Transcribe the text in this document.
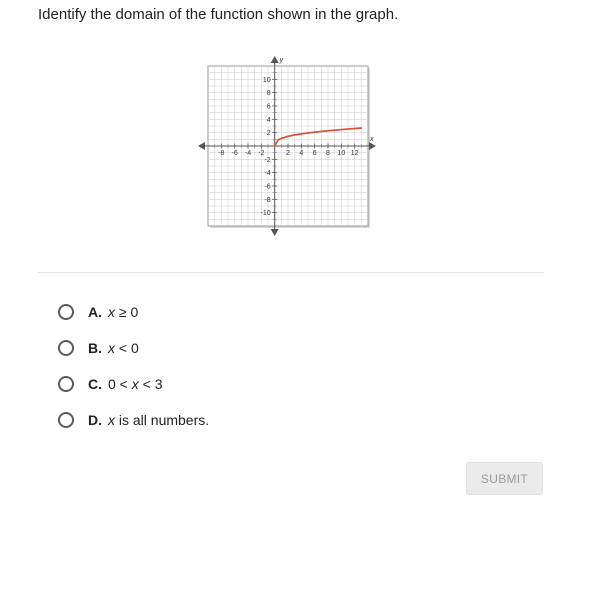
Identify the domain of the function shown in the graph.
x
y
-8 -6 -4 -2	2 4 6 8 10 12
10
8
6
4
2
-2
-4
-6
-8
-10
A. x ≥ 0
B. x < 0
C. 0 < x < 3
D. x is all numbers.
SUBMIT
